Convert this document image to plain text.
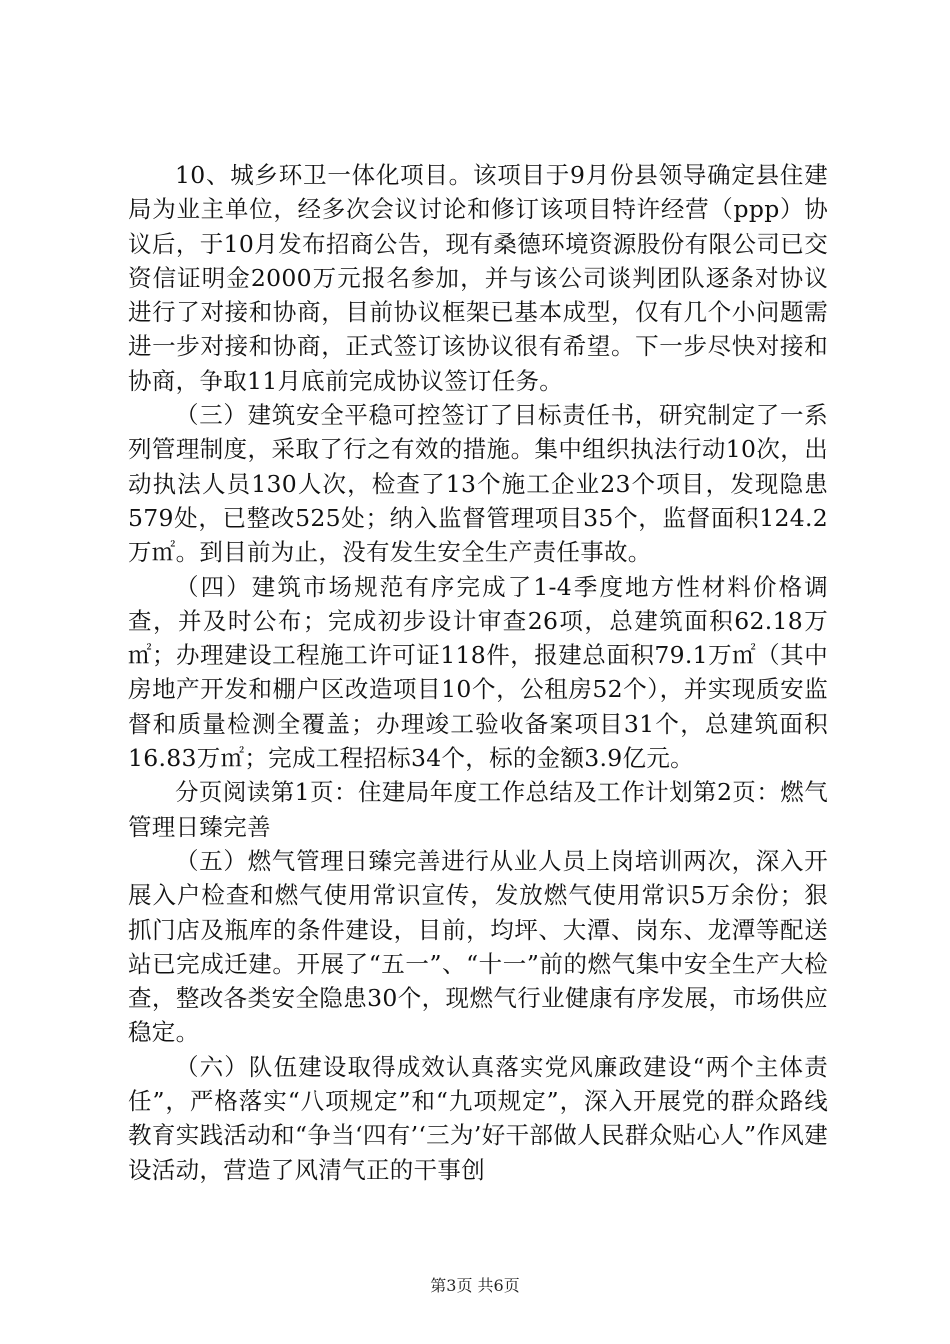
10、城乡环卫一体化项目。该项目于9月份县领导确定县住建局为业主单位，经多次会议讨论和修订该项目特许经营（ppp）协议后，于10月发布招商公告，现有桑德环境资源股份有限公司已交资信证明金2000万元报名参加，并与该公司谈判团队逐条对协议进行了对接和协商，目前协议框架已基本成型，仅有几个小问题需进一步对接和协商，正式签订该协议很有希望。下一步尽快对接和协商，争取11月底前完成协议签订任务。

（三）建筑安全平稳可控签订了目标责任书，研究制定了一系列管理制度，采取了行之有效的措施。集中组织执法行动10次，出动执法人员130人次，检查了13个施工企业23个项目，发现隐患579处，已整改525处；纳入监督管理项目35个，监督面积124.2万㎡。到目前为止，没有发生安全生产责任事故。

（四）建筑市场规范有序完成了1-4季度地方性材料价格调查，并及时公布；完成初步设计审查26项，总建筑面积62.18万㎡；办理建设工程施工许可证118件，报建总面积79.1万㎡（其中房地产开发和棚户区改造项目10个，公租房52个），并实现质安监督和质量检测全覆盖；办理竣工验收备案项目31个，总建筑面积16.83万㎡；完成工程招标34个，标的金额3.9亿元。

分页阅读第1页：住建局年度工作总结及工作计划第2页：燃气管理日臻完善

（五）燃气管理日臻完善进行从业人员上岗培训两次，深入开展入户检查和燃气使用常识宣传，发放燃气使用常识5万余份；狠抓门店及瓶库的条件建设，目前，均坪、大潭、岗东、龙潭等配送站已完成迁建。开展了“五一”、“十一”前的燃气集中安全生产大检查，整改各类安全隐患30个，现燃气行业健康有序发展，市场供应稳定。

（六）队伍建设取得成效认真落实党风廉政建设“两个主体责任”，严格落实“八项规定”和“九项规定”，深入开展党的群众路线教育实践活动和“争当‘四有’‘三为’好干部做人民群众贴心人”作风建设活动，营造了风清气正的干事创

第3页 共6页
